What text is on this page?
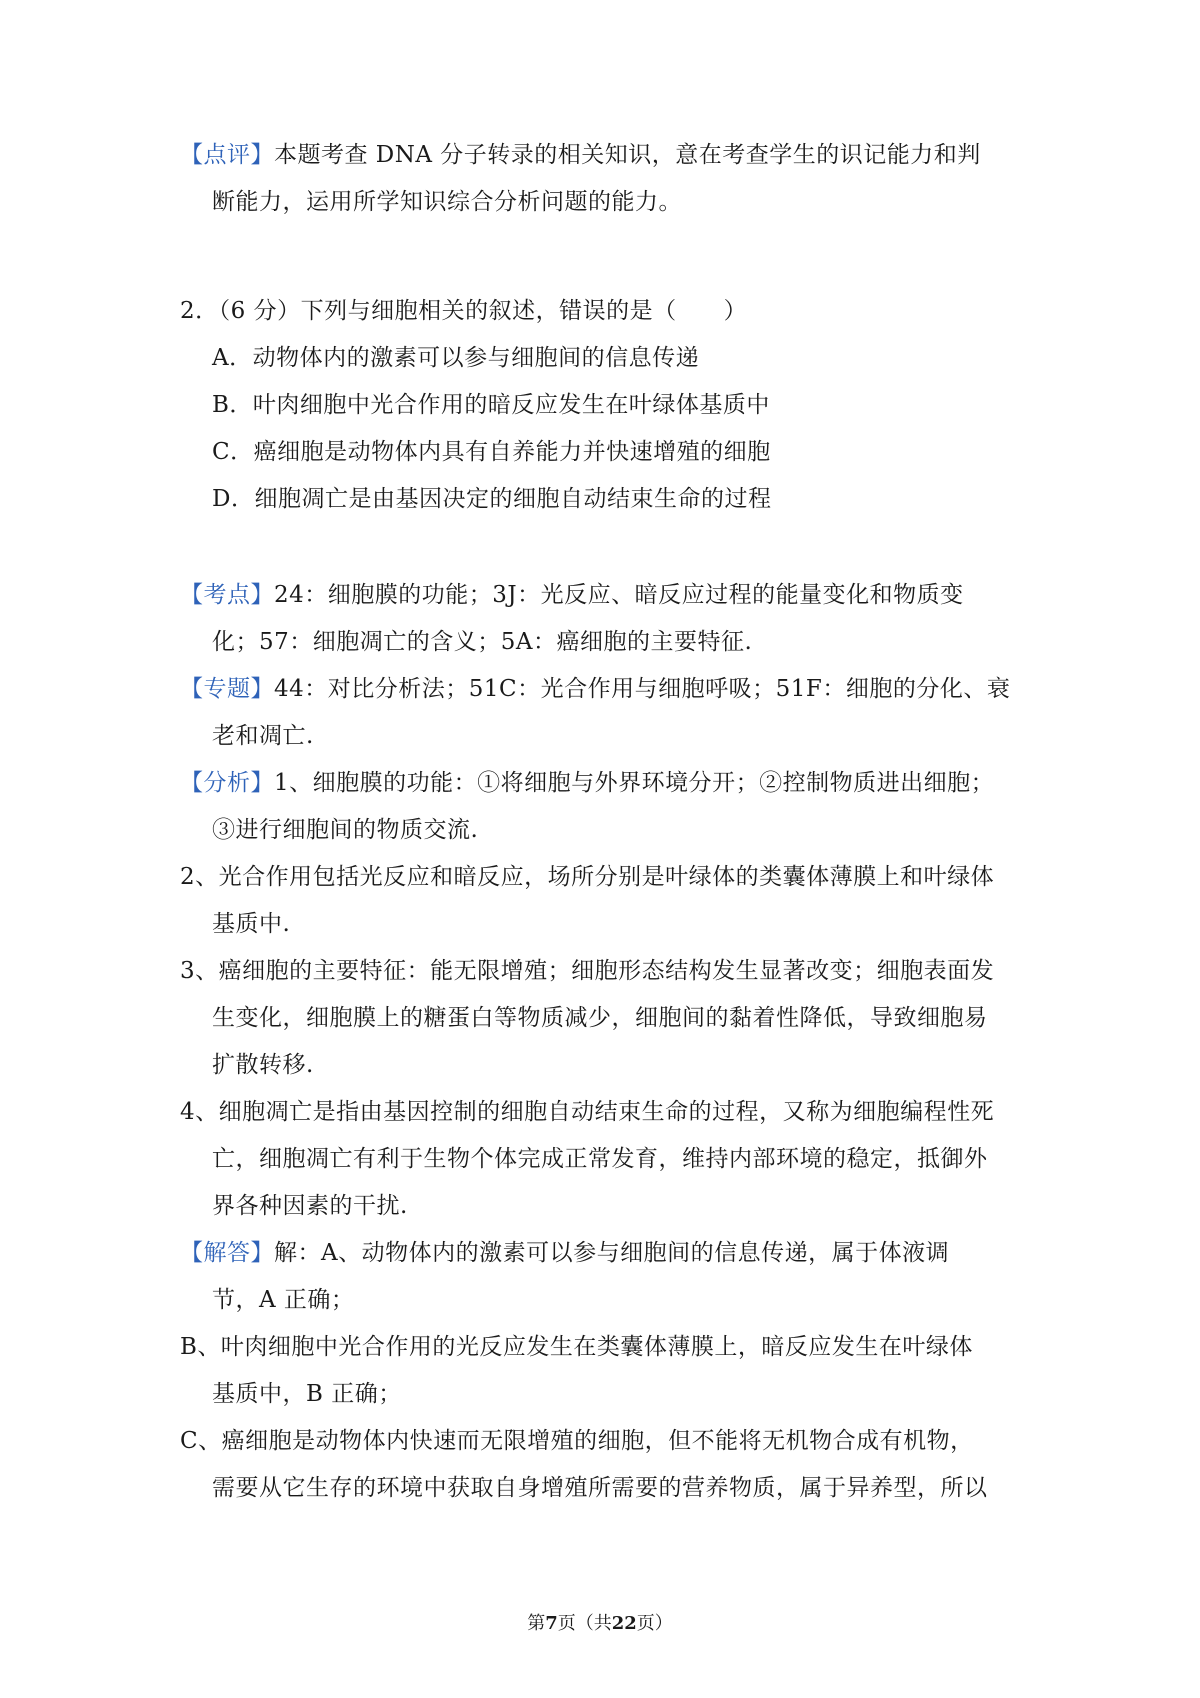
【点评】本题考查 DNA 分子转录的相关知识，意在考查学生的识记能力和判
断能力，运用所学知识综合分析问题的能力。
2．（6 分）下列与细胞相关的叙述，错误的是（　　）
A．动物体内的激素可以参与细胞间的信息传递
B．叶肉细胞中光合作用的暗反应发生在叶绿体基质中
C．癌细胞是动物体内具有自养能力并快速增殖的细胞
D．细胞凋亡是由基因决定的细胞自动结束生命的过程
【考点】24：细胞膜的功能；3J：光反应、暗反应过程的能量变化和物质变
化；57：细胞凋亡的含义；5A：癌细胞的主要特征.
【专题】44：对比分析法；51C：光合作用与细胞呼吸；51F：细胞的分化、衰
老和凋亡.
【分析】1、细胞膜的功能：①将细胞与外界环境分开；②控制物质进出细胞；
③进行细胞间的物质交流.
2、光合作用包括光反应和暗反应，场所分别是叶绿体的类囊体薄膜上和叶绿体
基质中.
3、癌细胞的主要特征：能无限增殖；细胞形态结构发生显著改变；细胞表面发
生变化，细胞膜上的糖蛋白等物质减少，细胞间的黏着性降低，导致细胞易
扩散转移.
4、细胞凋亡是指由基因控制的细胞自动结束生命的过程，又称为细胞编程性死
亡，细胞凋亡有利于生物个体完成正常发育，维持内部环境的稳定，抵御外
界各种因素的干扰.
【解答】解：A、动物体内的激素可以参与细胞间的信息传递，属于体液调
节，A 正确；
B、叶肉细胞中光合作用的光反应发生在类囊体薄膜上，暗反应发生在叶绿体
基质中，B 正确；
C、癌细胞是动物体内快速而无限增殖的细胞，但不能将无机物合成有机物，
需要从它生存的环境中获取自身增殖所需要的营养物质，属于异养型，所以
第7页（共22页）
